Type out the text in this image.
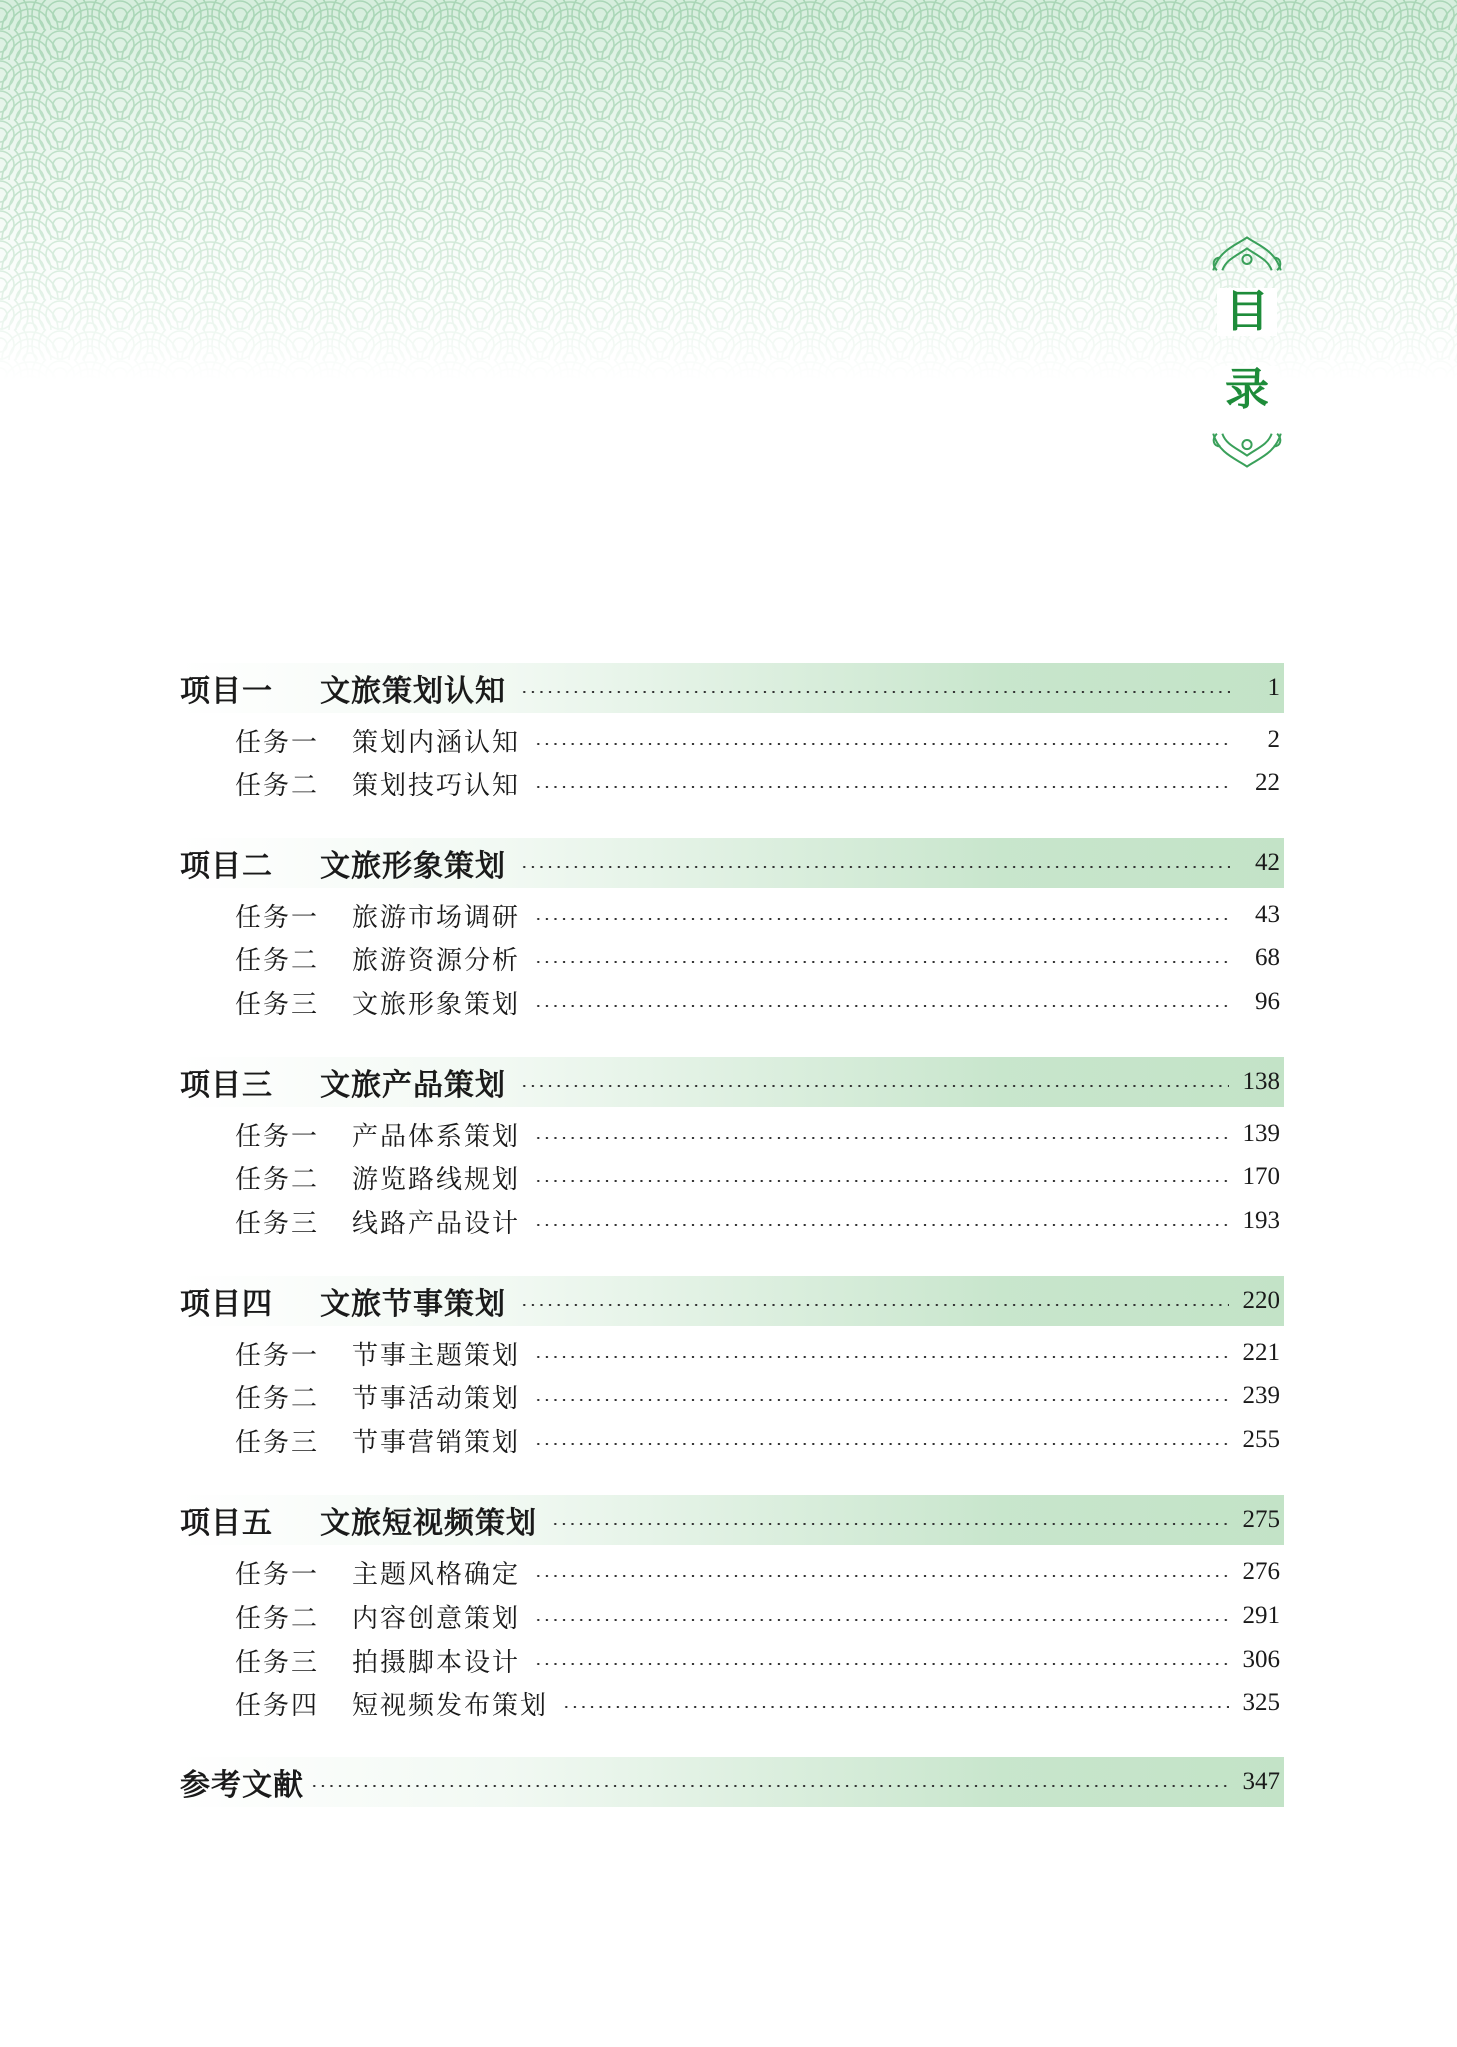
目
录
项目一 文旅策划认知	1
任务一 策划内涵认知	2
任务二 策划技巧认知	22
项目二 文旅形象策划	42
任务一 旅游市场调研	43
任务二 旅游资源分析	68
任务三 文旅形象策划	96
项目三 文旅产品策划	138
任务一 产品体系策划	139
任务二 游览路线规划	170
任务三 线路产品设计	193
项目四 文旅节事策划	220
任务一 节事主题策划	221
任务二 节事活动策划	239
任务三 节事营销策划	255
项目五 文旅短视频策划	275
任务一 主题风格确定	276
任务二 内容创意策划	291
任务三 拍摄脚本设计	306
任务四 短视频发布策划	325
参考文献	347
